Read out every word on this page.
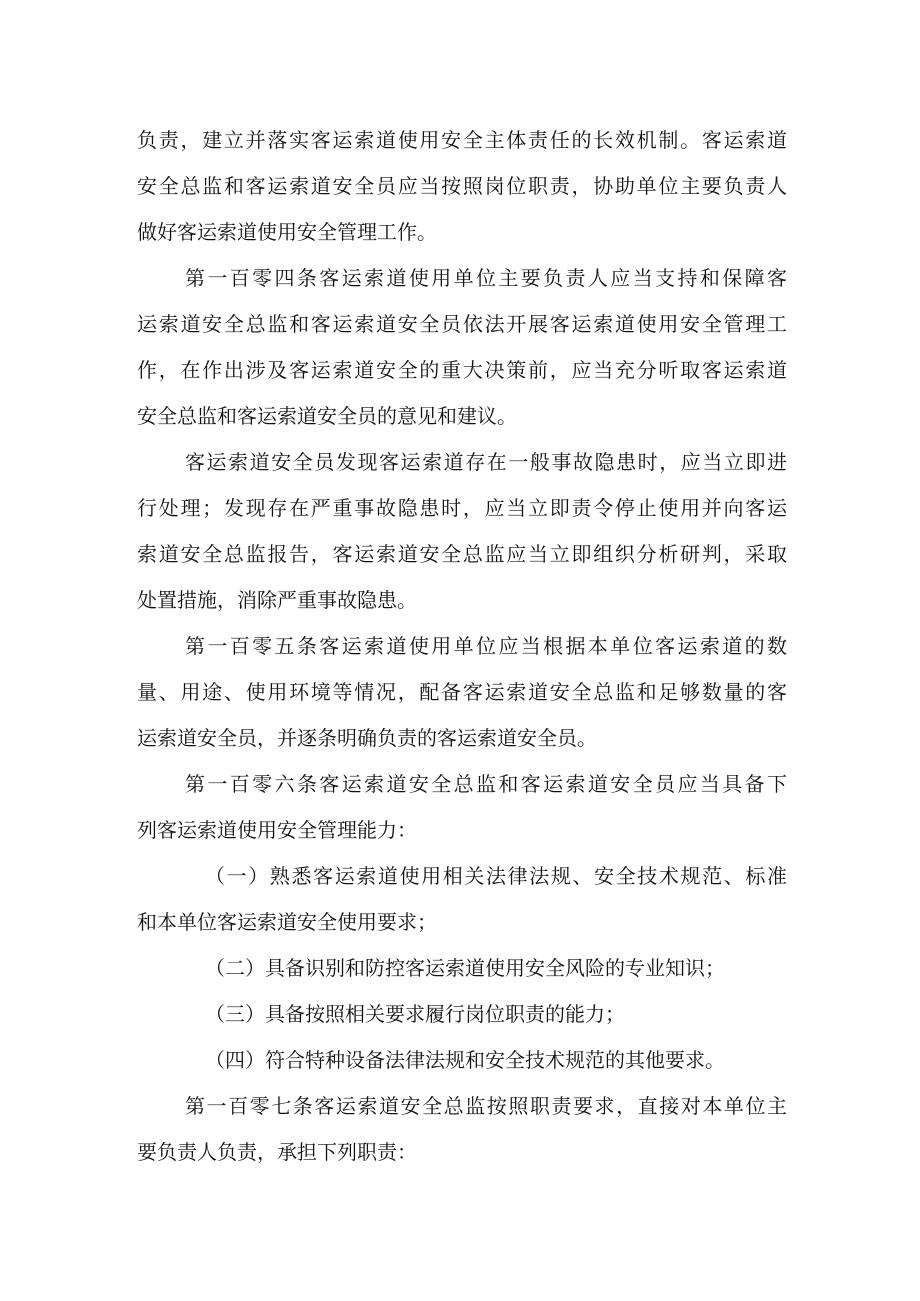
负责，建立并落实客运索道使用安全主体责任的长效机制。客运索道

安全总监和客运索道安全员应当按照岗位职责，协助单位主要负责人

做好客运索道使用安全管理工作。

第一百零四条客运索道使用单位主要负责人应当支持和保障客

运索道安全总监和客运索道安全员依法开展客运索道使用安全管理工

作，在作出涉及客运索道安全的重大决策前，应当充分听取客运索道

安全总监和客运索道安全员的意见和建议。

客运索道安全员发现客运索道存在一般事故隐患时，应当立即进

行处理；发现存在严重事故隐患时，应当立即责令停止使用并向客运

索道安全总监报告，客运索道安全总监应当立即组织分析研判，采取

处置措施，消除严重事故隐患。

第一百零五条客运索道使用单位应当根据本单位客运索道的数

量、用途、使用环境等情况，配备客运索道安全总监和足够数量的客

运索道安全员，并逐条明确负责的客运索道安全员。

第一百零六条客运索道安全总监和客运索道安全员应当具备下

列客运索道使用安全管理能力：

（一）熟悉客运索道使用相关法律法规、安全技术规范、标准

和本单位客运索道安全使用要求；

（二）具备识别和防控客运索道使用安全风险的专业知识；

（三）具备按照相关要求履行岗位职责的能力；

（四）符合特种设备法律法规和安全技术规范的其他要求。

第一百零七条客运索道安全总监按照职责要求，直接对本单位主

要负责人负责，承担下列职责：
